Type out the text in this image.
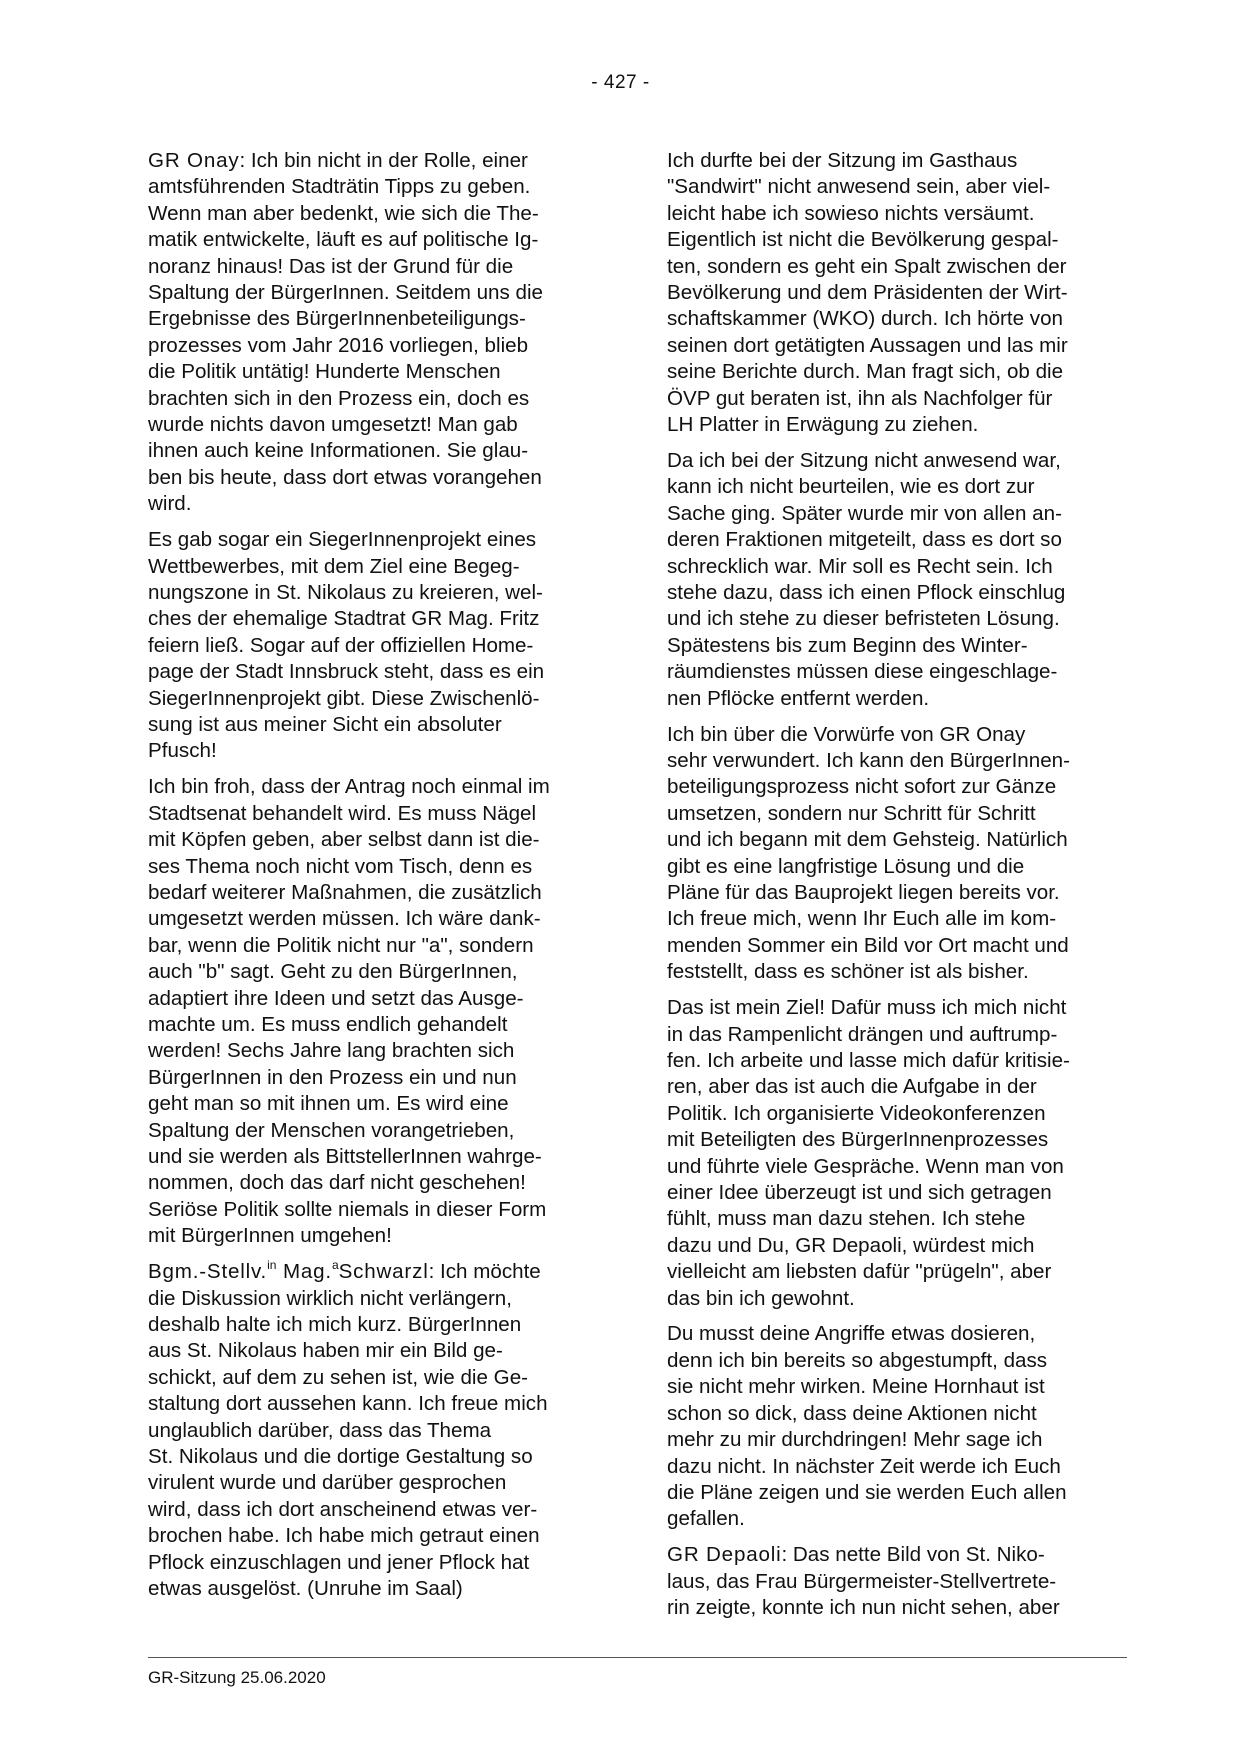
- 427 -

GR Onay: Ich bin nicht in der Rolle, einer
amtsführenden Stadträtin Tipps zu geben.
Wenn man aber bedenkt, wie sich die The-
matik entwickelte, läuft es auf politische Ig-
noranz hinaus! Das ist der Grund für die
Spaltung der BürgerInnen. Seitdem uns die
Ergebnisse des BürgerInnenbeteiligungs-
prozesses vom Jahr 2016 vorliegen, blieb
die Politik untätig! Hunderte Menschen
brachten sich in den Prozess ein, doch es
wurde nichts davon umgesetzt! Man gab
ihnen auch keine Informationen. Sie glau-
ben bis heute, dass dort etwas vorangehen
wird.

Es gab sogar ein SiegerInnenprojekt eines
Wettbewerbes, mit dem Ziel eine Begeg-
nungszone in St. Nikolaus zu kreieren, wel-
ches der ehemalige Stadtrat GR Mag. Fritz
feiern ließ. Sogar auf der offiziellen Home-
page der Stadt Innsbruck steht, dass es ein
SiegerInnenprojekt gibt. Diese Zwischenlö-
sung ist aus meiner Sicht ein absoluter
Pfusch!

Ich bin froh, dass der Antrag noch einmal im
Stadtsenat behandelt wird. Es muss Nägel
mit Köpfen geben, aber selbst dann ist die-
ses Thema noch nicht vom Tisch, denn es
bedarf weiterer Maßnahmen, die zusätzlich
umgesetzt werden müssen. Ich wäre dank-
bar, wenn die Politik nicht nur "a", sondern
auch "b" sagt. Geht zu den BürgerInnen,
adaptiert ihre Ideen und setzt das Ausge-
machte um. Es muss endlich gehandelt
werden! Sechs Jahre lang brachten sich
BürgerInnen in den Prozess ein und nun
geht man so mit ihnen um. Es wird eine
Spaltung der Menschen vorangetrieben,
und sie werden als BittstellerInnen wahrge-
nommen, doch das darf nicht geschehen!
Seriöse Politik sollte niemals in dieser Form
mit BürgerInnen umgehen!

Bgm.-Stellv.$^{in}$ Mag.$^a$Schwarzl: Ich möchte
die Diskussion wirklich nicht verlängern,
deshalb halte ich mich kurz. BürgerInnen
aus St. Nikolaus haben mir ein Bild ge-
schickt, auf dem zu sehen ist, wie die Ge-
staltung dort aussehen kann. Ich freue mich
unglaublich darüber, dass das Thema
St. Nikolaus und die dortige Gestaltung so
virulent wurde und darüber gesprochen
wird, dass ich dort anscheinend etwas ver-
brochen habe. Ich habe mich getraut einen
Pflock einzuschlagen und jener Pflock hat
etwas ausgelöst. (Unruhe im Saal)

Ich durfte bei der Sitzung im Gasthaus
"Sandwirt" nicht anwesend sein, aber viel-
leicht habe ich sowieso nichts versäumt.
Eigentlich ist nicht die Bevölkerung gespal-
ten, sondern es geht ein Spalt zwischen der
Bevölkerung und dem Präsidenten der Wirt-
schaftskammer (WKO) durch. Ich hörte von
seinen dort getätigten Aussagen und las mir
seine Berichte durch. Man fragt sich, ob die
ÖVP gut beraten ist, ihn als Nachfolger für
LH Platter in Erwägung zu ziehen.

Da ich bei der Sitzung nicht anwesend war,
kann ich nicht beurteilen, wie es dort zur
Sache ging. Später wurde mir von allen an-
deren Fraktionen mitgeteilt, dass es dort so
schrecklich war. Mir soll es Recht sein. Ich
stehe dazu, dass ich einen Pflock einschlug
und ich stehe zu dieser befristeten Lösung.
Spätestens bis zum Beginn des Winter-
räumdienstes müssen diese eingeschlage-
nen Pflöcke entfernt werden.

Ich bin über die Vorwürfe von GR Onay
sehr verwundert. Ich kann den BürgerInnen-
beteiligungsprozess nicht sofort zur Gänze
umsetzen, sondern nur Schritt für Schritt
und ich begann mit dem Gehsteig. Natürlich
gibt es eine langfristige Lösung und die
Pläne für das Bauprojekt liegen bereits vor.
Ich freue mich, wenn Ihr Euch alle im kom-
menden Sommer ein Bild vor Ort macht und
feststellt, dass es schöner ist als bisher.

Das ist mein Ziel! Dafür muss ich mich nicht
in das Rampenlicht drängen und auftrump-
fen. Ich arbeite und lasse mich dafür kritisie-
ren, aber das ist auch die Aufgabe in der
Politik. Ich organisierte Videokonferenzen
mit Beteiligten des BürgerInnenprozesses
und führte viele Gespräche. Wenn man von
einer Idee überzeugt ist und sich getragen
fühlt, muss man dazu stehen. Ich stehe
dazu und Du, GR Depaoli, würdest mich
vielleicht am liebsten dafür "prügeln", aber
das bin ich gewohnt.

Du musst deine Angriffe etwas dosieren,
denn ich bin bereits so abgestumpft, dass
sie nicht mehr wirken. Meine Hornhaut ist
schon so dick, dass deine Aktionen nicht
mehr zu mir durchdringen! Mehr sage ich
dazu nicht. In nächster Zeit werde ich Euch
die Pläne zeigen und sie werden Euch allen
gefallen.

GR Depaoli: Das nette Bild von St. Niko-
laus, das Frau Bürgermeister-Stellvertrete-
rin zeigte, konnte ich nun nicht sehen, aber

GR-Sitzung 25.06.2020
